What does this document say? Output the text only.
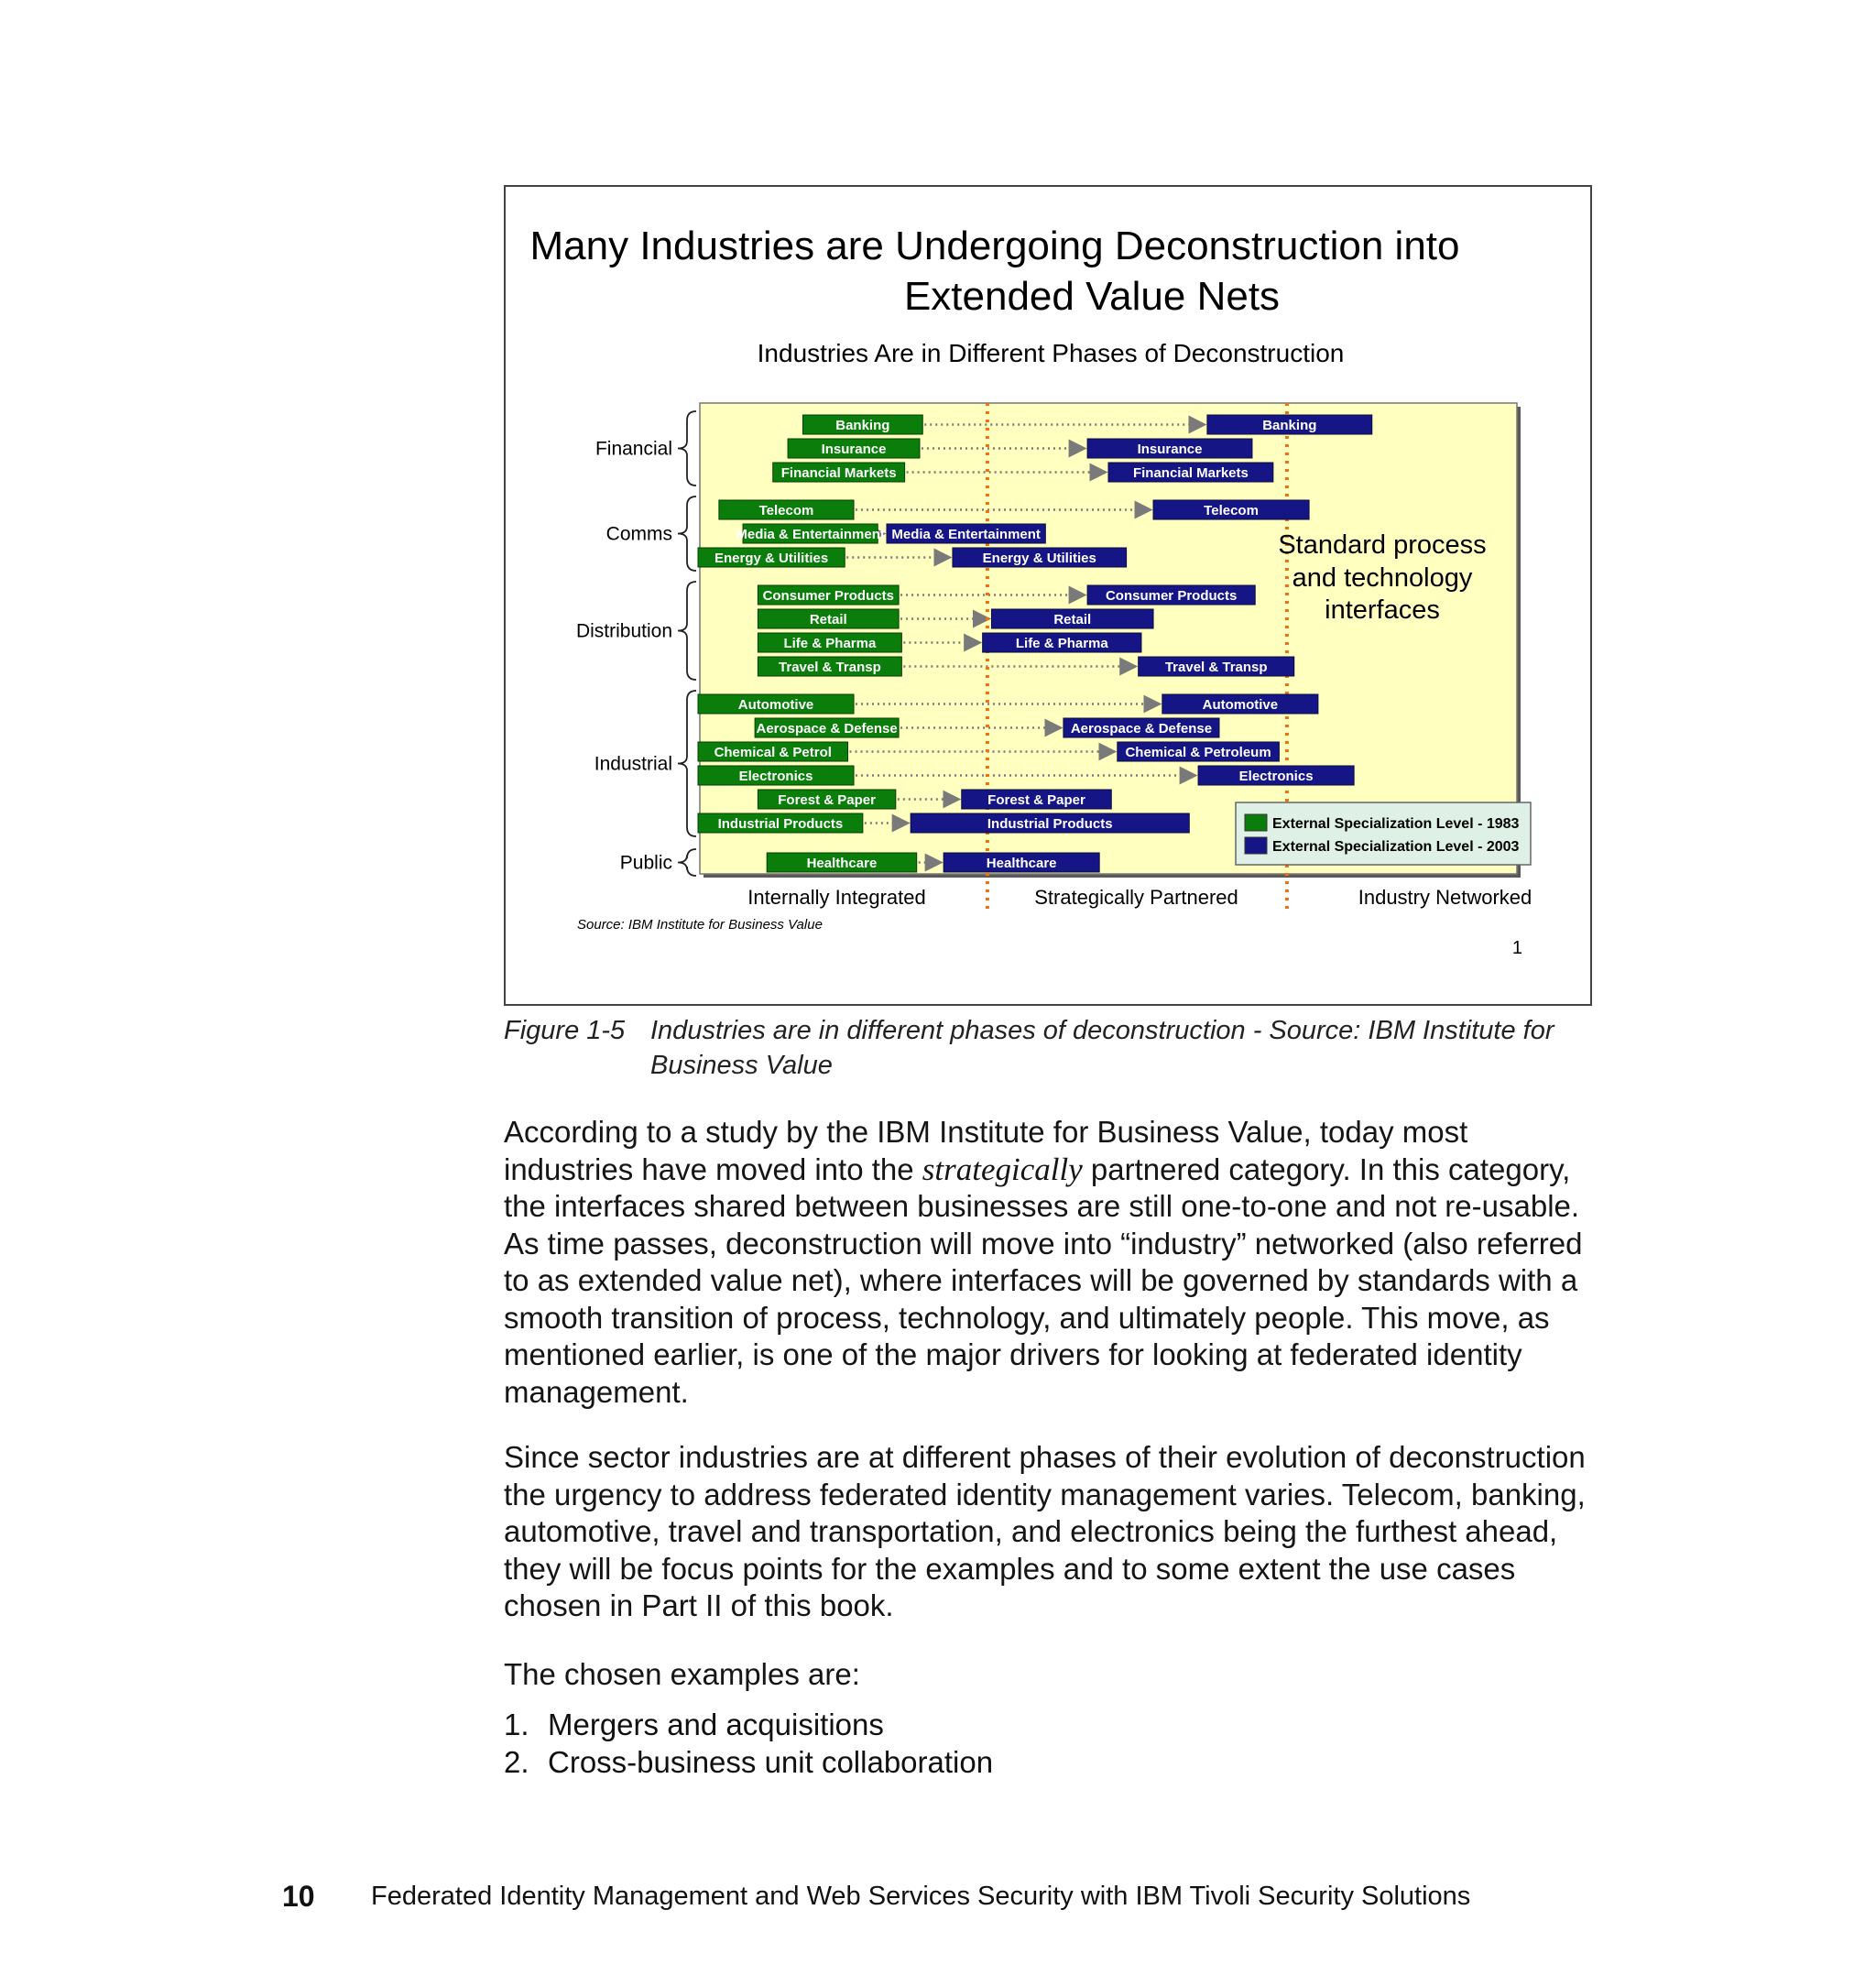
Many Industries are Undergoing Deconstruction into
Extended Value Nets
Industries Are in Different Phases of Deconstruction
Financial
Comms
Distribution
Industrial
Public
Banking
Banking
Insurance
Insurance
Financial Markets
Financial Markets
Telecom
Telecom
Media & Entertainment
Media & Entertainment
Energy & Utilities
Energy & Utilities
Consumer Products
Consumer Products
Retail
Retail
Life & Pharma
Life & Pharma
Travel & Transp
Travel & Transp
Automotive
Automotive
Aerospace & Defense
Aerospace & Defense
Chemical & Petroleum
Chemical & Petrol
Electronics
Electronics
Forest & Paper
Forest & Paper
Industrial Products
Industrial Products
Healthcare
Healthcare
Standard process
and technology
interfaces
External Specialization Level - 1983
External Specialization Level - 2003
Internally Integrated	Strategically Partnered	Industry Networked
Source: IBM Institute for Business Value
1
Figure 1-5 Industries are in different phases of deconstruction - Source: IBM Institute for
Business Value

According to a study by the IBM Institute for Business Value, today most industries have moved into the strategically partnered category. In this category, the interfaces shared between businesses are still one-to-one and not re-usable. As time passes, deconstruction will move into “industry” networked (also referred to as extended value net), where interfaces will be governed by standards with a smooth transition of process, technology, and ultimately people. This move, as mentioned earlier, is one of the major drivers for looking at federated identity management.

Since sector industries are at different phases of their evolution of deconstruction the urgency to address federated identity management varies. Telecom, banking, automotive, travel and transportation, and electronics being the furthest ahead, they will be focus points for the examples and to some extent the use cases chosen in Part II of this book.

The chosen examples are:

1. Mergers and acquisitions
2. Cross-business unit collaboration
10 Federated Identity Management and Web Services Security with IBM Tivoli Security Solutions
